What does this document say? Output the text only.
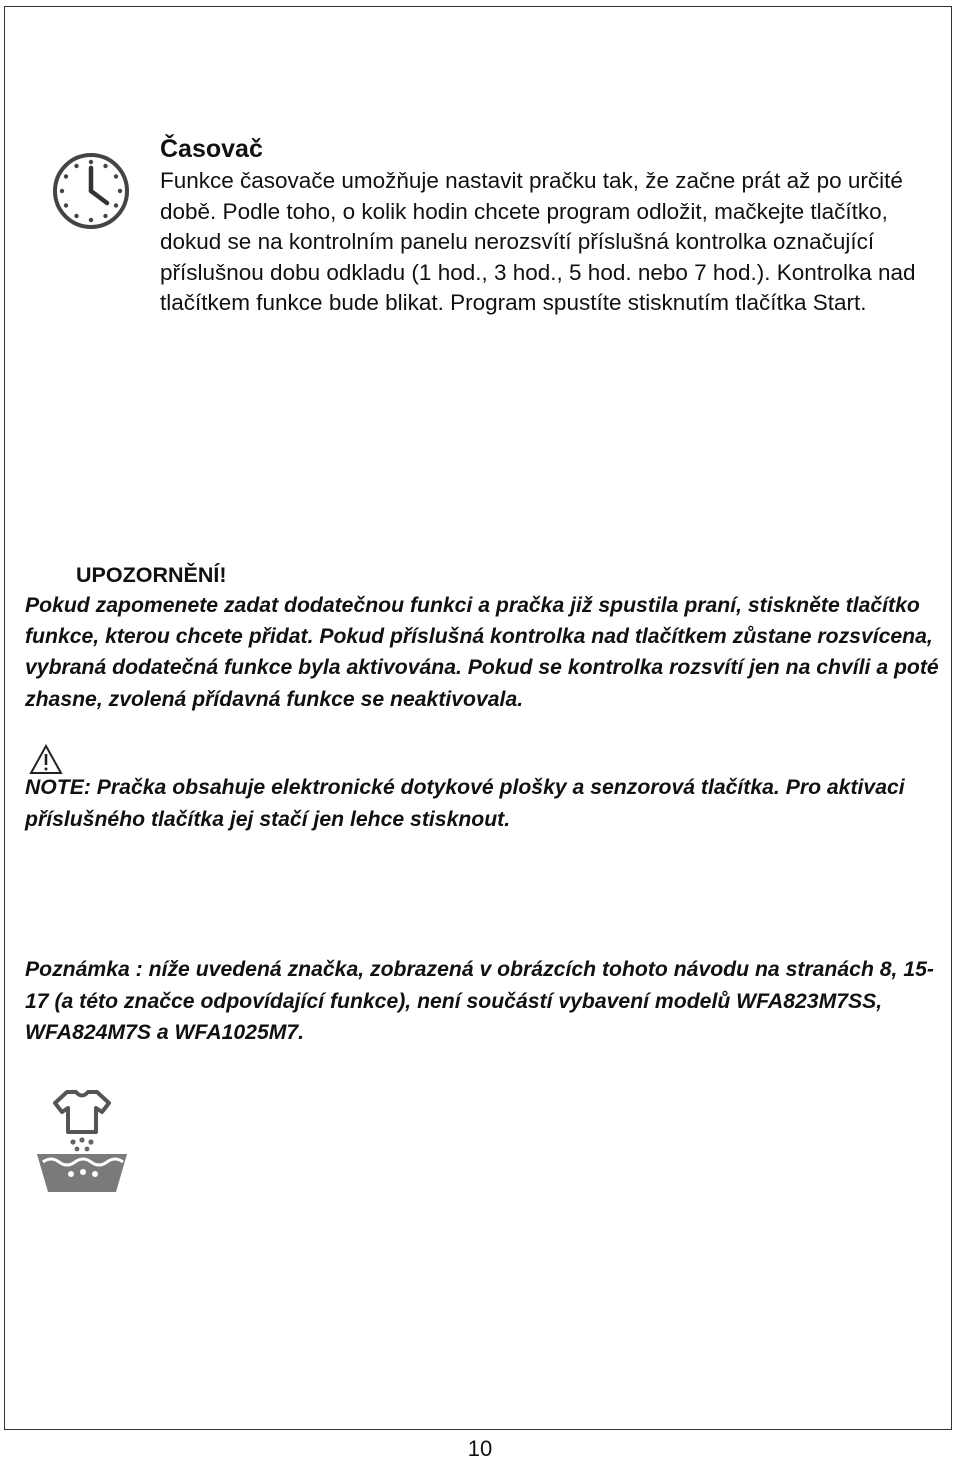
Časovač

Funkce časovače umožňuje nastavit pračku tak, že začne prát až po určité době. Podle toho, o kolik hodin chcete program odložit, mačkejte tlačítko, dokud se na kontrolním panelu nerozsvítí příslušná kontrolka označující příslušnou dobu odkladu (1 hod., 3 hod., 5 hod. nebo 7 hod.). Kontrolka nad tlačítkem funkce bude blikat. Program spustíte stisknutím tlačítka Start.

UPOZORNĚNÍ!

Pokud zapomenete zadat dodatečnou funkci a pračka již spustila praní, stiskněte tlačítko funkce, kterou chcete přidat. Pokud příslušná kontrolka nad tlačítkem zůstane rozsvícena, vybraná dodatečná funkce byla aktivována. Pokud se kontrolka rozsvítí jen na chvíli a poté zhasne, zvolená přídavná funkce se neaktivovala.

NOTE: Pračka obsahuje elektronické dotykové plošky a senzorová tlačítka. Pro aktivaci příslušného tlačítka jej stačí jen lehce stisknout.

Poznámka : níže uvedená značka, zobrazená v obrázcích tohoto návodu na stranách 8, 15-17 (a této značce odpovídající funkce), není součástí vybavení modelů WFA823M7SS, WFA824M7S a WFA1025M7.

10
